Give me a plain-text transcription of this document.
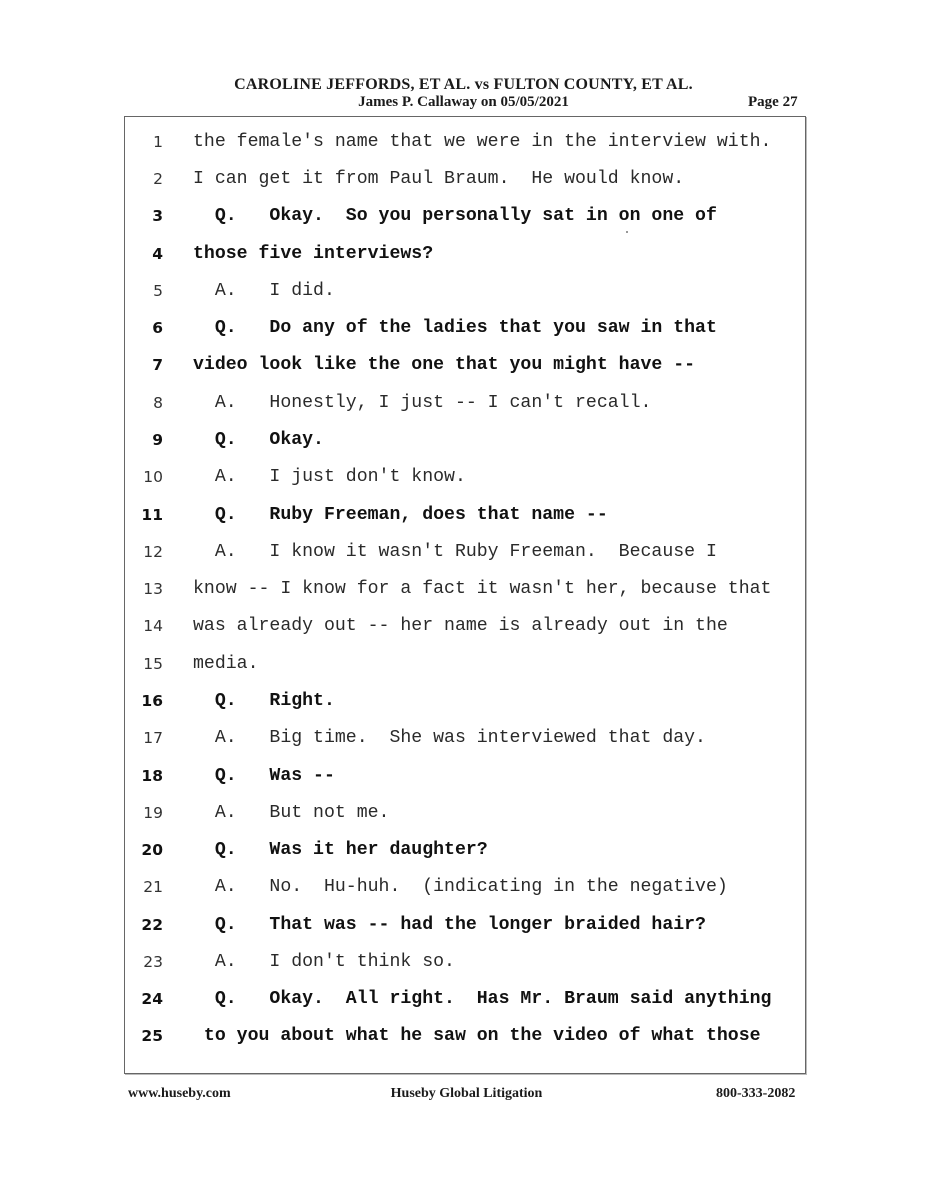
CAROLINE JEFFORDS, ET AL. vs FULTON COUNTY, ET AL.
James P. Callaway on 05/05/2021	Page 27
1 the female's name that we were in the interview with.
2 I can get it from Paul Braum.  He would know.
3 Q.   Okay.  So you personally sat in on one of
4 those five interviews?
5 A.   I did.
6 Q.   Do any of the ladies that you saw in that
7 video look like the one that you might have --
8 A.   Honestly, I just -- I can't recall.
9 Q.   Okay.
10 A.   I just don't know.
11 Q.   Ruby Freeman, does that name --
12 A.   I know it wasn't Ruby Freeman.  Because I
13 know -- I know for a fact it wasn't her, because that
14 was already out -- her name is already out in the
15 media.
16 Q.   Right.
17 A.   Big time.  She was interviewed that day.
18 Q.   Was --
19 A.   But not me.
20 Q.   Was it her daughter?
21 A.   No.  Hu-huh.  (indicating in the negative)
22 Q.   That was -- had the longer braided hair?
23 A.   I don't think so.
24 Q.   Okay.  All right.  Has Mr. Braum said anything
25 to you about what he saw on the video of what those
www.huseby.com	Huseby Global Litigation	800-333-2082
